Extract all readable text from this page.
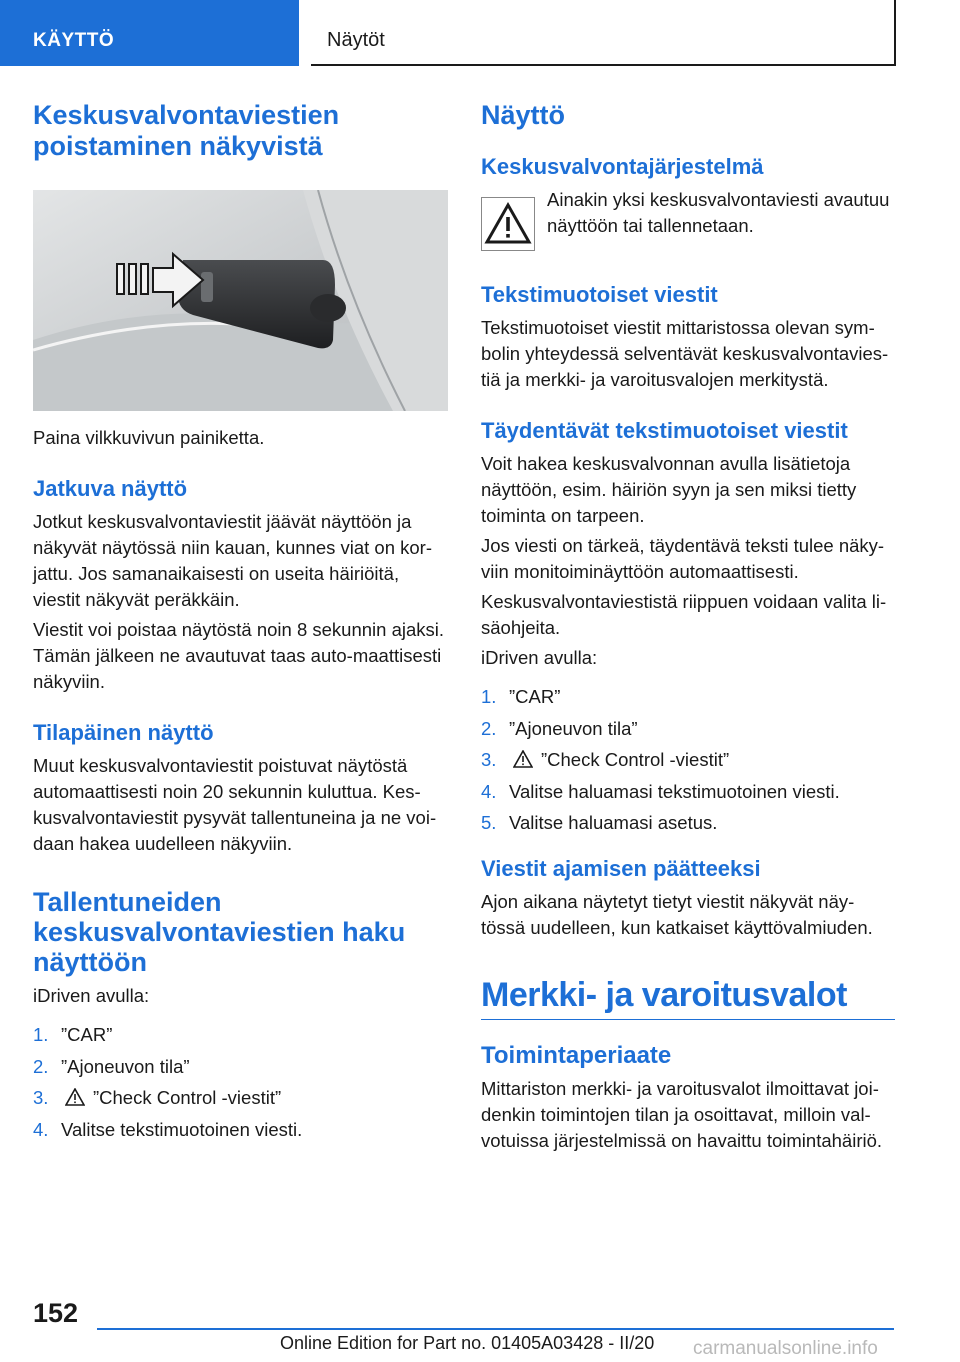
KÄYTTÖ	Näytöt
Keskusvalvontaviestien poistaminen näkyvistä

Paina vilkkuvivun painiketta.

Jatkuva näyttö

Jotkut keskusvalvontaviestit jäävät näyttöön ja näkyvät näytössä niin kauan, kunnes viat on kor‐jattu. Jos samanaikaisesti on useita häiriöitä, viestit näkyvät peräkkäin.

Viestit voi poistaa näytöstä noin 8 sekunnin ajaksi. Tämän jälkeen ne avautuvat taas auto‐maattisesti näkyviin.

Tilapäinen näyttö

Muut keskusvalvontaviestit poistuvat näytöstä automaattisesti noin 20 sekunnin kuluttua. Kes‐kusvalvontaviestit pysyvät tallentuneina ja ne voi‐daan hakea uudelleen näkyviin.

Tallentuneiden keskusvalvontaviestien haku näyttöön

iDriven avulla:

1. ”CAR”
2. ”Ajoneuvon tila”
3. ”Check Control -viestit”
4. Valitse tekstimuotoinen viesti.
Näyttö
Keskusvalvontajärjestelmä

Ainakin yksi keskusvalvontaviesti avautuu näyttöön tai tallennetaan.

Tekstimuotoiset viestit

Tekstimuotoiset viestit mittaristossa olevan sym‐bolin yhteydessä selventävät keskusvalvontavies‐tiä ja merkki- ja varoitusvalojen merkitystä.

Täydentävät tekstimuotoiset viestit

Voit hakea keskusvalvonnan avulla lisätietoja näyttöön, esim. häiriön syyn ja sen miksi tietty toiminta on tarpeen.

Jos viesti on tärkeä, täydentävä teksti tulee näky‐viin monitoiminäyttöön automaattisesti.

Keskusvalvontaviestistä riippuen voidaan valita li‐säohjeita.

iDriven avulla:

1. ”CAR”
2. ”Ajoneuvon tila”
3. ”Check Control -viestit”
4. Valitse haluamasi tekstimuotoinen viesti.
5. Valitse haluamasi asetus.
Viestit ajamisen päätteeksi

Ajon aikana näytetyt tietyt viestit näkyvät näy‐tössä uudelleen, kun katkaiset käyttövalmiuden.

Merkki- ja varoitusvalot
Toimintaperiaate

Mittariston merkki- ja varoitusvalot ilmoittavat joi‐denkin toimintojen tilan ja osoittavat, milloin val‐votuissa järjestelmissä on havaittu toimintahäiriö.

152
Online Edition for Part no. 01405A03428 - II/20 carmanualsonline.info
